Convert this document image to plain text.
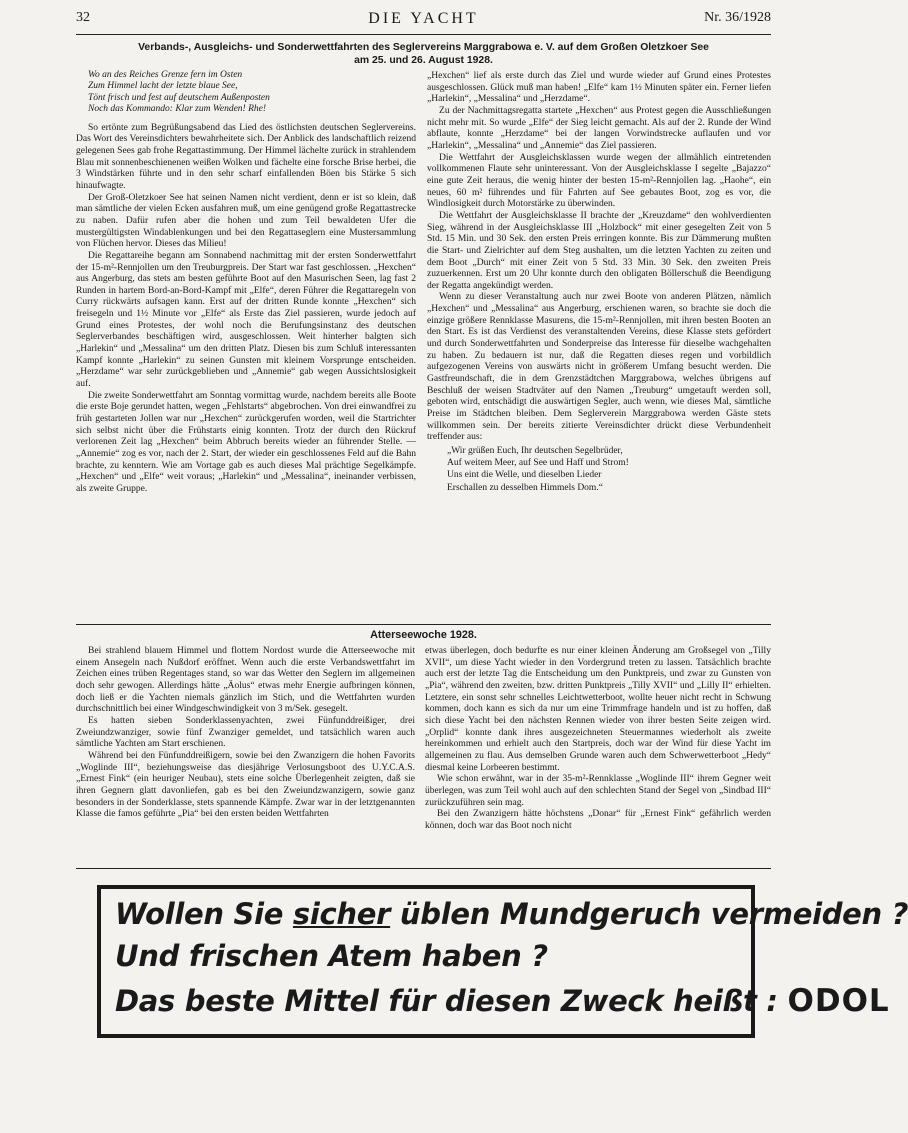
32	DIE YACHT	Nr. 36/1928
Verbands-, Ausgleichs- und Sonderwettfahrten des Seglervereins Marggrabowa e. V. auf dem Großen Oletzkoer See
am 25. und 26. August 1928.
Wo an des Reiches Grenze fern im Osten
Zum Himmel lacht der letzte blaue See,
Tönt frisch und fest auf deutschem Außenposten
Noch das Kommando: Klar zum Wenden! Rhe!

So ertönte zum Begrüßungsabend das Lied des östlichsten deutschen Seglervereins. Das Wort des Vereinsdichters bewahrheitete sich. Der Anblick des landschaftlich reizend gelegenen Sees gab frohe Regattastimmung. Der Himmel lächelte zurück in strahlendem Blau mit sonnenbeschienenen weißen Wolken und fächelte eine forsche Brise herbei, die 3 Windstärken führte und in den sehr scharf einfallenden Böen bis Stärke 5 sich hinaufwagte.

Der Groß-Oletzkoer See hat seinen Namen nicht verdient, denn er ist so klein, daß man sämtliche der vielen Ecken ausfahren muß, um eine genügend große Regattastrecke zu naben. Dafür rufen aber die hohen und zum Teil bewaldeten Ufer die mustergültigsten Windablenkungen und bei den Regattaseglern eine Mustersammlung von Flüchen hervor. Dieses das Milieu!

Die Regattareihe begann am Sonnabend nachmittag mit der ersten Sonderwettfahrt der 15-m²-Rennjollen um den Treuburgpreis. Der Start war fast geschlossen. „Hexchen“ aus Angerburg, das stets am besten geführte Boot auf den Masurischen Seen, lag fast 2 Runden in hartem Bord-an-Bord-Kampf mit „Elfe“, deren Führer die Regattaregeln von Curry rückwärts aufsagen kann. Erst auf der dritten Runde konnte „Hexchen“ sich freisegeln und 1½ Minute vor „Elfe“ als Erste das Ziel passieren, wurde jedoch auf Grund eines Protestes, der wohl noch die Berufungsinstanz des deutschen Seglerverbandes beschäftigen wird, ausgeschlossen. Weit hinterher balgten sich „Harlekin“ und „Messalina“ um den dritten Platz. Diesen bis zum Schluß interessanten Kampf konnte „Harlekin“ zu seinen Gunsten mit kleinem Vorsprunge entscheiden. „Herzdame“ war sehr zurückgeblieben und „Annemie“ gab wegen Aussichtslosigkeit auf.

Die zweite Sonderwettfahrt am Sonntag vormittag wurde, nachdem bereits alle Boote die erste Boje gerundet hatten, wegen „Fehlstarts“ abgebrochen. Von drei einwandfrei zu früh gestarteten Jollen war nur „Hexchen“ zurückgerufen worden, weil die Startrichter sich selbst nicht über die Frühstarts einig konnten. Trotz der durch den Rückruf verlorenen Zeit lag „Hexchen“ beim Abbruch bereits wieder an führender Stelle. — „Annemie“ zog es vor, nach der 2. Start, der wieder ein geschlossenes Feld auf die Bahn brachte, zu kenntern. Wie am Vortage gab es auch dieses Mal prächtige Segelkämpfe. „Hexchen“ und „Elfe“ weit voraus; „Harlekin“ und „Messalina“, ineinander verbissen, als zweite Gruppe.

„Hexchen“ lief als erste durch das Ziel und wurde wieder auf Grund eines Protestes ausgeschlossen. Glück muß man haben! „Elfe“ kam 1½ Minuten später ein. Ferner liefen „Harlekin“, „Messalina“ und „Herzdame“.

Zu der Nachmittagsregatta startete „Hexchen“ aus Protest gegen die Ausschließungen nicht mehr mit. So wurde „Elfe“ der Sieg leicht gemacht. Als auf der 2. Runde der Wind abflaute, konnte „Herzdame“ bei der langen Vorwindstrecke auflaufen und vor „Harlekin“, „Messalina“ und „Annemie“ das Ziel passieren.

Die Wettfahrt der Ausgleichsklassen wurde wegen der allmählich eintretenden vollkommenen Flaute sehr uninteressant. Von der Ausgleichsklasse I segelte „Bajazzo“ eine gute Zeit heraus, die wenig hinter der besten 15-m²-Rennjollen lag. „Haohe“, ein neues, 60 m² führendes und für Fahrten auf See gebautes Boot, zog es vor, die Windlosigkeit durch Motorstärke zu überwinden.

Die Wettfahrt der Ausgleichsklasse II brachte der „Kreuzdame“ den wohlverdienten Sieg, während in der Ausgleichsklasse III „Holzbock“ mit einer gesegelten Zeit von 5 Std. 15 Min. und 30 Sek. den ersten Preis erringen konnte. Bis zur Dämmerung mußten die Start- und Zielrichter auf dem Steg aushalten, um die letzten Yachten zu zeiten und dem Boot „Durch“ mit einer Zeit von 5 Std. 33 Min. 30 Sek. den zweiten Preis zuzuerkennen. Erst um 20 Uhr konnte durch den obligaten Böllerschuß die Beendigung der Regatta angekündigt werden.

Wenn zu dieser Veranstaltung auch nur zwei Boote von anderen Plätzen, nämlich „Hexchen“ und „Messalina“ aus Angerburg, erschienen waren, so brachte sie doch die einzige größere Rennklasse Masurens, die 15-m²-Rennjollen, mit ihren besten Booten an den Start. Es ist das Verdienst des veranstaltenden Vereins, diese Klasse stets gefördert und durch Sonderwettfahrten und Sonderpreise das Interesse für dieselbe wachgehalten zu haben. Zu bedauern ist nur, daß die Regatten dieses regen und vorbildlich aufgezogenen Vereins von auswärts nicht in größerem Umfang besucht werden. Die Gastfreundschaft, die in dem Grenzstädtchen Marggrabowa, welches übrigens auf Beschluß der weisen Stadtväter auf den Namen „Treuburg“ umgetauft werden soll, geboten wird, entschädigt die auswärtigen Segler, auch wenn, wie dieses Mal, sämtliche Preise im Städtchen bleiben. Dem Seglerverein Marggrabowa werden Gäste stets willkommen sein. Der bereits zitierte Vereinsdichter drückt diese Verbundenheit treffender aus:

„Wir grüßen Euch, Ihr deutschen Segelbrüder,
Auf weitem Meer, auf See und Haff und Strom!
Uns eint die Welle, und dieselben Lieder
Erschallen zu desselben Himmels Dom.“
Atterseewoche 1928.

Bei strahlend blauem Himmel und flottem Nordost wurde die Atterseewoche mit einem Ansegeln nach Nußdorf eröffnet. Wenn auch die erste Verbandswettfahrt im Zeichen eines trüben Regentages stand, so war das Wetter den Seglern im allgemeinen doch sehr gewogen. Allerdings hätte „Äolus“ etwas mehr Energie aufbringen können, doch ließ er die Yachten niemals gänzlich im Stich, und die Wettfahrten wurden durchschnittlich bei einer Windgeschwindigkeit von 3 m/Sek. gesegelt.

Es hatten sieben Sonderklassenyachten, zwei Fünfunddreißiger, drei Zweiundzwanziger, sowie fünf Zwanziger gemeldet, und tatsächlich waren auch sämtliche Yachten am Start erschienen.

Während bei den Fünfunddreißigern, sowie bei den Zwanzigern die hohen Favorits „Woglinde III“, beziehungsweise das diesjährige Verlosungsboot des U.Y.C.A.S. „Ernest Fink“ (ein heuriger Neubau), stets eine solche Überlegenheit zeigten, daß sie ihren Gegnern glatt davonliefen, gab es bei den Zweiundzwanzigern, sowie ganz besonders in der Sonderklasse, stets spannende Kämpfe. Zwar war in der letztgenannten Klasse die famos geführte „Pia“ bei den ersten beiden Wettfahrten

etwas überlegen, doch bedurfte es nur einer kleinen Änderung am Großsegel von „Tilly XVII“, um diese Yacht wieder in den Vordergrund treten zu lassen. Tatsächlich brachte auch erst der letzte Tag die Entscheidung um den Punktpreis, und zwar zu Gunsten von „Pia“, während den zweiten, bzw. dritten Punktpreis „Tilly XVII“ und „Lilly II“ erhielten. Letztere, ein sonst sehr schnelles Leichtwetterboot, wollte heuer nicht recht in Schwung kommen, doch kann es sich da nur um eine Trimmfrage handeln und ist zu hoffen, daß sich diese Yacht bei den nächsten Rennen wieder von ihrer besten Seite zeigen wird. „Orplid“ konnte dank ihres ausgezeichneten Steuermannes wiederholt als zweite hereinkommen und erhielt auch den Startpreis, doch war der Wind für diese Yacht im allgemeinen zu flau. Aus demselben Grunde waren auch dem Schwerwetterboot „Hedy“ diesmal keine Lorbeeren bestimmt.

Wie schon erwähnt, war in der 35-m²-Rennklasse „Woglinde III“ ihrem Gegner weit überlegen, was zum Teil wohl auch auf den schlechten Stand der Segel von „Sindbad III“ zurückzuführen sein mag.

Bei den Zwanzigern hätte höchstens „Donar“ für „Ernest Fink“ gefährlich werden können, doch war das Boot noch nicht

Wollen Sie sicher üblen Mundgeruch vermeiden ?
Und frischen Atem haben ?
Das beste Mittel für diesen Zweck heißt : ODOL
